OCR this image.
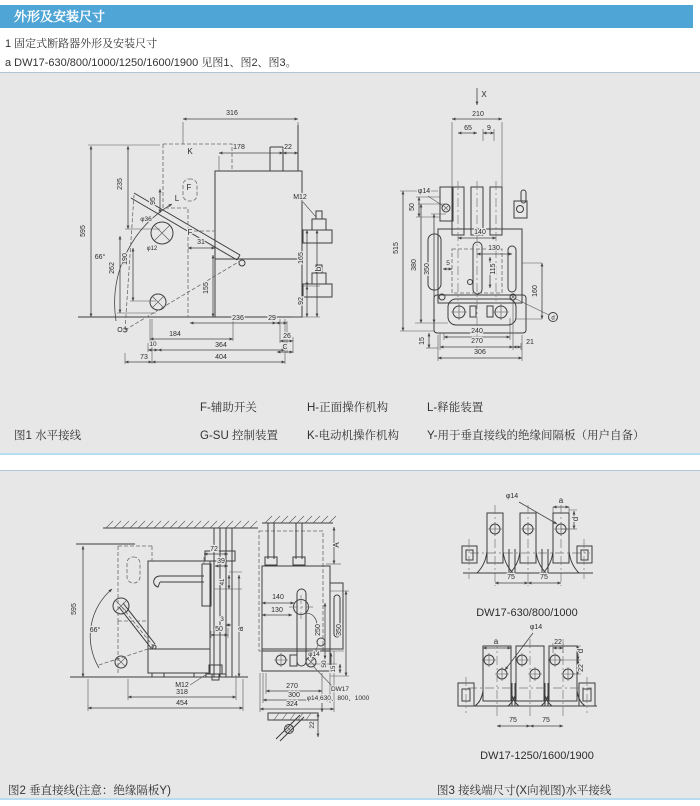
外形及安装尺寸

1 固定式断路器外形及安装尺寸

a DW17-630/800/1000/1250/1600/1900 见图1、图2、图3。

316
178	22
K
F
L
235
95
595
φ36
φ12
F
31
155
262
190
66°
O
236	29
26
C
184
10	364
73	404
M12
165
b
92
X
210
65 9
φ14
50
515
380 350 5
140
130
115
160
d
15
240
270	21
306
F-辅助开关	H-正面操作机构	L-释能装置
G-SU 控制装置	K-电动机操作机构 Y-用于垂直接线的绝缘间隔板（用户自备）
图1 水平接线
595
66°
72
39
41
a
3
50
M12
318
454
A
140
130
250 350
φ14
50
15
270
300
324
DW17
φ14 630、800、1000
22
φ14	a
d
75	75
DW17-630/800/1000
φ14
a	22
d
22
75	75
DW17-1250/1600/1900
图2 垂直接线(注意：绝缘隔板Y)	图3 接线端尺寸(X向视图)水平接线
